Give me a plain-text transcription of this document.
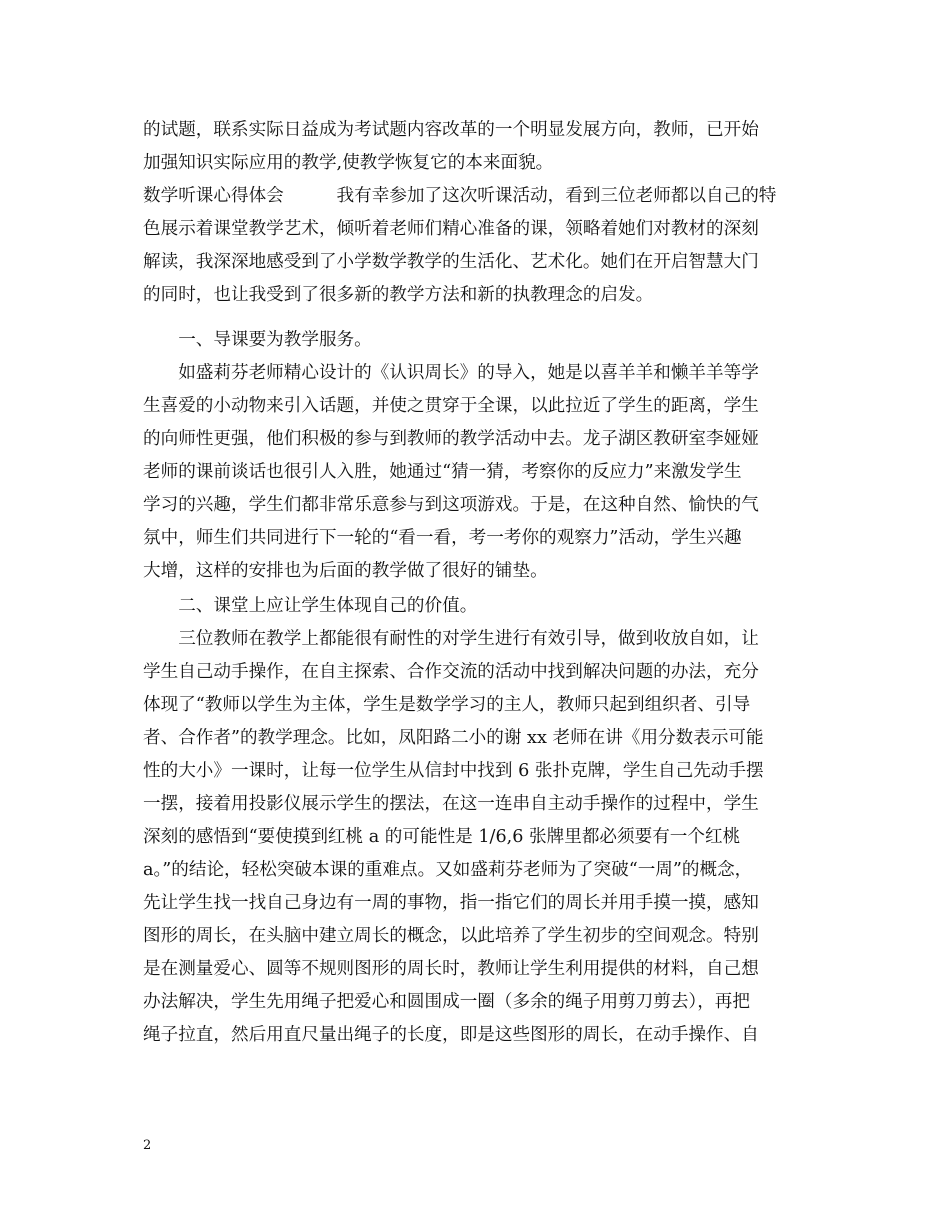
的试题，联系实际日益成为考试题内容改革的一个明显发展方向，教师，已开始
加强知识实际应用的教学,使教学恢复它的本来面貌。
数学听课心得体会　　　我有幸参加了这次听课活动，看到三位老师都以自己的特
色展示着课堂教学艺术，倾听着老师们精心准备的课，领略着她们对教材的深刻
解读，我深深地感受到了小学数学教学的生活化、艺术化。她们在开启智慧大门
的同时，也让我受到了很多新的教学方法和新的执教理念的启发。
　　一、导课要为教学服务。
　　如盛莉芬老师精心设计的《认识周长》的导入，她是以喜羊羊和懒羊羊等学
生喜爱的小动物来引入话题，并使之贯穿于全课，以此拉近了学生的距离，学生
的向师性更强，他们积极的参与到教师的教学活动中去。龙子湖区教研室李娅娅
老师的课前谈话也很引人入胜，她通过“猜一猜，考察你的反应力”来激发学生
学习的兴趣，学生们都非常乐意参与到这项游戏。于是，在这种自然、愉快的气
氛中，师生们共同进行下一轮的“看一看，考一考你的观察力”活动，学生兴趣
大增，这样的安排也为后面的教学做了很好的铺垫。
　　二、课堂上应让学生体现自己的价值。
　　三位教师在教学上都能很有耐性的对学生进行有效引导，做到收放自如，让
学生自己动手操作，在自主探索、合作交流的活动中找到解决问题的办法，充分
体现了“教师以学生为主体，学生是数学学习的主人，教师只起到组织者、引导
者、合作者”的教学理念。比如，凤阳路二小的谢 xx 老师在讲《用分数表示可能
性的大小》一课时，让每一位学生从信封中找到 6 张扑克牌，学生自己先动手摆
一摆，接着用投影仪展示学生的摆法，在这一连串自主动手操作的过程中，学生
深刻的感悟到“要使摸到红桃 a 的可能性是 1/6,6 张牌里都必须要有一个红桃
a。”的结论，轻松突破本课的重难点。又如盛莉芬老师为了突破“一周”的概念，
先让学生找一找自己身边有一周的事物，指一指它们的周长并用手摸一摸，感知
图形的周长，在头脑中建立周长的概念，以此培养了学生初步的空间观念。特别
是在测量爱心、圆等不规则图形的周长时，教师让学生利用提供的材料，自己想
办法解决，学生先用绳子把爱心和圆围成一圈（多余的绳子用剪刀剪去），再把
绳子拉直，然后用直尺量出绳子的长度，即是这些图形的周长，在动手操作、自
2
